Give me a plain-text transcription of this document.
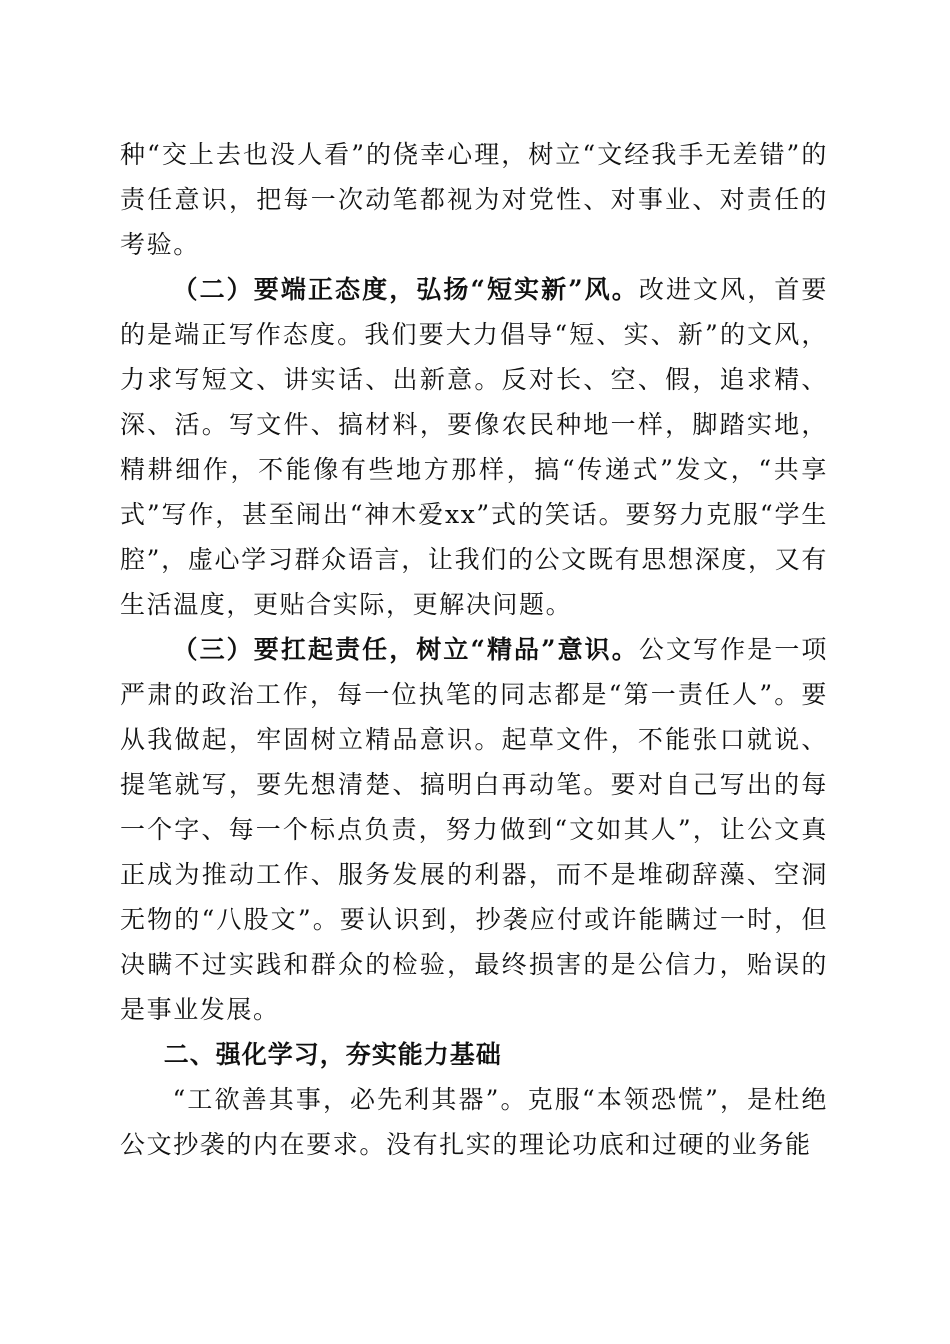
种“交上去也没人看”的侥幸心理，树立“文经我手无差错”的责任意识，把每一次动笔都视为对党性、对事业、对责任的考验。

（二）要端正态度，弘扬“短实新”风。改进文风，首要的是端正写作态度。我们要大力倡导“短、实、新”的文风，力求写短文、讲实话、出新意。反对长、空、假，追求精、深、活。写文件、搞材料，要像农民种地一样，脚踏实地，精耕细作，不能像有些地方那样，搞“传递式”发文，“共享式”写作，甚至闹出“神木爱xx”式的笑话。要努力克服“学生腔”，虚心学习群众语言，让我们的公文既有思想深度，又有生活温度，更贴合实际，更解决问题。

（三）要扛起责任，树立“精品”意识。公文写作是一项严肃的政治工作，每一位执笔的同志都是“第一责任人”。要从我做起，牢固树立精品意识。起草文件，不能张口就说、提笔就写，要先想清楚、搞明白再动笔。要对自己写出的每一个字、每一个标点负责，努力做到“文如其人”，让公文真正成为推动工作、服务发展的利器，而不是堆砌辞藻、空洞无物的“八股文”。要认识到，抄袭应付或许能瞒过一时，但决瞒不过实践和群众的检验，最终损害的是公信力，贻误的是事业发展。

二、强化学习，夯实能力基础

“工欲善其事，必先利其器”。克服“本领恐慌”，是杜绝公文抄袭的内在要求。没有扎实的理论功底和过硬的业务能
